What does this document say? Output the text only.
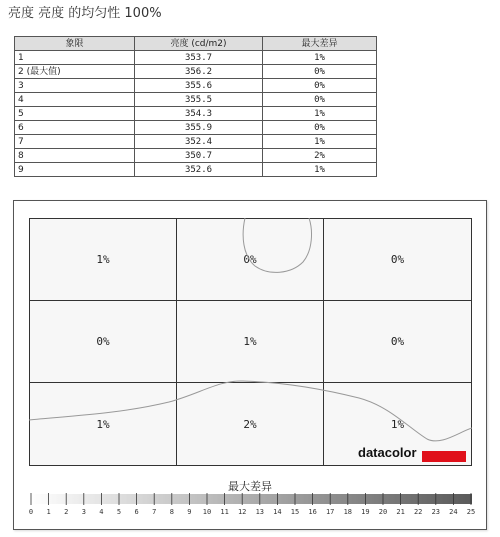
亮度 亮度 的均匀性 100%
象限	亮度 (cd/m2)	最大差异
1	353.7	1%
2 (最大值)	356.2	0%
3	355.6	0%
4	355.5	0%
5	354.3	1%
6	355.9	0%
7	352.4	1%
8	350.7	2%
9	352.6	1%
1%	0%	0%
0%	1%	0%
1%	2%	1%
datacolor
最大差异
0 1 2 3 4 5 6 7 8 9 10 11 12 13 14 15 16 17 18 19 20 21 22 23 24 25
